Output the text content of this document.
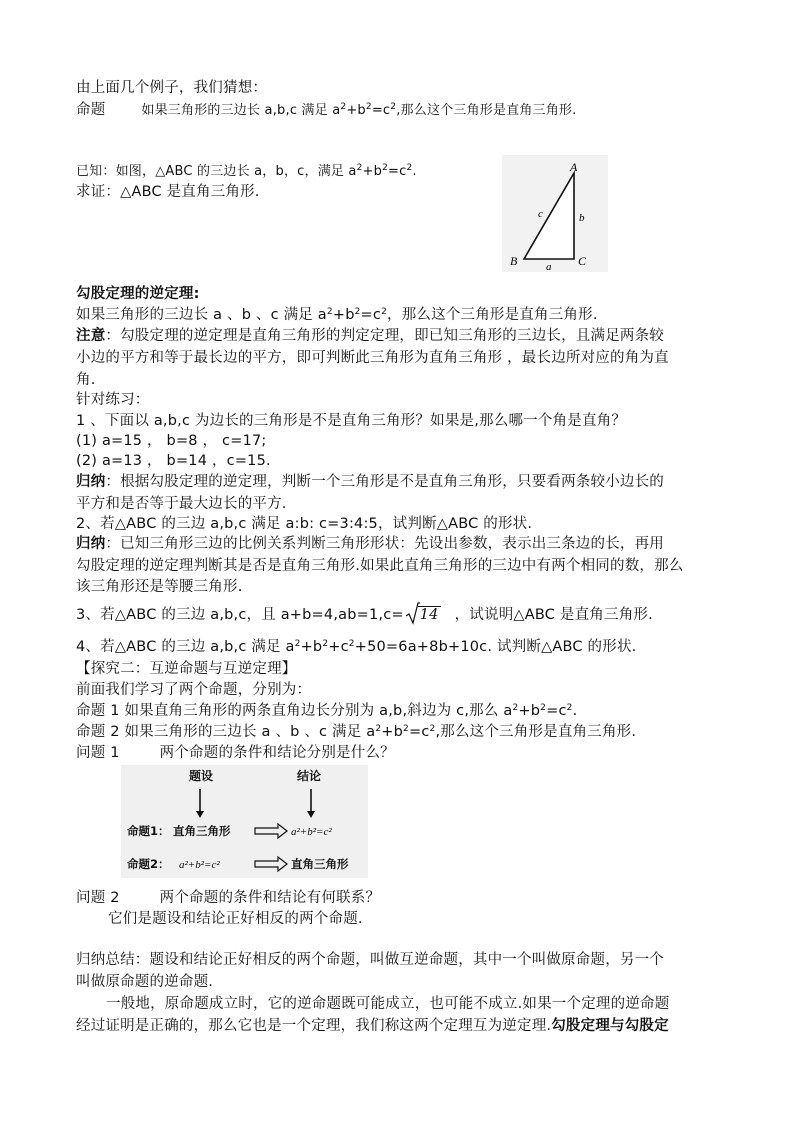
由上面几个例子，我们猜想：
命题	如果三角形的三边长 a,b,c 满足 $a^2+b^2=c^2$,那么这个三角形是直角三角形.
已知：如图，△ABC 的三边长 a，b，c，满足 $a^2+b^2=c^2$.
求证：△ABC 是直角三角形.
A
B	C
a
b
c
勾股定理的逆定理:
如果三角形的三边长 a 、b 、c 满足 $a^2+b^2=c^2$，那么这个三角形是直角三角形.
注意：勾股定理的逆定理是直角三角形的判定定理，即已知三角形的三边长，且满足两条较
小边的平方和等于最长边的平方，即可判断此三角形为直角三角形 ，最长边所对应的角为直
角.
针对练习：
1 、下面以 a,b,c 为边长的三角形是不是直角三角形？如果是,那么哪一个角是直角？
(1) a=15 ， b=8 ， c=17;
(2) a=13 ， b=14 ，c=15.
归纳：根据勾股定理的逆定理，判断一个三角形是不是直角三角形，只要看两条较小边长的
平方和是否等于最大边长的平方.
2、若△ABC 的三边 a,b,c 满足 a:b: c=3:4:5，试判断△ABC 的形状.
归纳：已知三角形三边的比例关系判断三角形形状：先设出参数，表示出三条边的长，再用
勾股定理的逆定理判断其是否是直角三角形.如果此直角三角形的三边中有两个相同的数，那么
该三角形还是等腰三角形.
3、若△ABC 的三边 a,b,c，且 a+b=4,ab=1,c= 14 ，试说明△ABC 是直角三角形.
4、若△ABC 的三边 a,b,c 满足 $a^2+b^2+c^2+50=6a+8b+10c$. 试判断△ABC 的形状.
【探究二：互逆命题与互逆定理】
前面我们学习了两个命题，分别为：
命题 1 如果直角三角形的两条直角边长分别为 a,b,斜边为 c,那么 $a^2+b^2=c^2$.
命题 2 如果三角形的三边长 a 、b 、c 满足 $a^2+b^2=c^2$,那么这个三角形是直角三角形.
问题 1	两个命题的条件和结论分别是什么？
题设	结论
命题1： 直角三角形	a²+b²=c²
命题2： a²+b²=c²	直角三角形
问题 2	两个命题的条件和结论有何联系？
它们是题设和结论正好相反的两个命题.
归纳总结：题设和结论正好相反的两个命题，叫做互逆命题，其中一个叫做原命题，另一个
叫做原命题的逆命题.
一般地，原命题成立时，它的逆命题既可能成立，也可能不成立.如果一个定理的逆命题
经过证明是正确的，那么它也是一个定理，我们称这两个定理互为逆定理.勾股定理与勾股定
